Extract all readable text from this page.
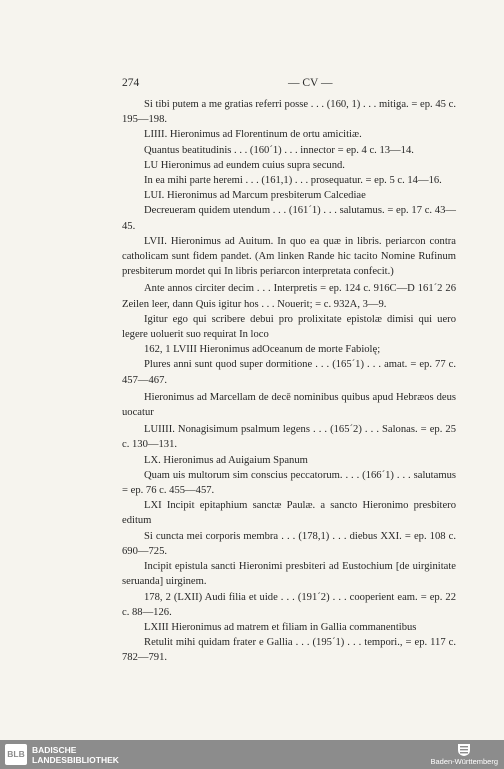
274	— CV —

Si tibi putem a me gratias referri posse . . . (160, 1) . . . mitiga. = ep. 45 c. 195—198.

LIIII. Hieronimus ad Florentinum de ortu amicitiæ.

Quantus beatitudinis . . . (160´1) . . . innector = ep. 4 c. 13—14.

LU Hieronimus ad eundem cuius supra secund.

In ea mihi parte heremi . . . (161,1) . . . prosequatur. = ep. 5 c. 14—16.

LUI. Hieronimus ad Marcum presbiterum Calcediae

Decreueram quidem utendum . . . (161´1) . . . salutamus. = ep. 17 c. 43—45.

LVII. Hieronimus ad Auitum. In quo ea quæ in libris. periarcon contra catholicam sunt fidem pandet. (Am linken Rande hic tacito Nomine Rufinum presbiterum mordet qui In libris periarcon interpretata confecit.)

Ante annos circiter decim . . . Interpretis = ep. 124 c. 916C—D 161´2 26 Zeilen leer, dann Quis igitur hos . . . Nouerit; = c. 932A, 3—9.

Igitur ego qui scribere debui pro prolixitate epistolæ dimisi qui uero legere uoluerit suo requirat In loco

162, 1 LVIII Hieronimus adOceanum de morte Fabiolę;

Plures anni sunt quod super dormitione . . . (165´1) . . . amat. = ep. 77 c. 457—467.

Hieronimus ad Marcellam de decē nominibus quibus apud Hebræos deus uocatur

LUIIII. Nonagisimum psalmum legens . . . (165´2) . . . Salonas. = ep. 25 c. 130—131.

LX. Hieronimus ad Auigaium Spanum

Quam uis multorum sim conscius peccatorum. . . . (166´1) . . . salutamus = ep. 76 c. 455—457.

LXI Incipit epitaphium sanctæ Paulæ. a sancto Hieronimo presbitero editum

Si cuncta mei corporis membra . . . (178,1) . . . diebus XXI. = ep. 108 c. 690—725.

Incipit epistula sancti Hieronimi presbiteri ad Eustochium [de uirginitate seruanda] uirginem.

178, 2 (LXII) Audi filia et uide . . . (191´2) . . . cooperient eam. = ep. 22 c. 88—126.

LXIII Hieronimus ad matrem et filiam in Gallia commanentibus

Retulit mihi quidam frater e Gallia . . . (195´1) . . . tempori., = ep. 117 c. 782—791.

BLB BADISCHE
LANDESBIBLIOTHEK	Baden-Württemberg
